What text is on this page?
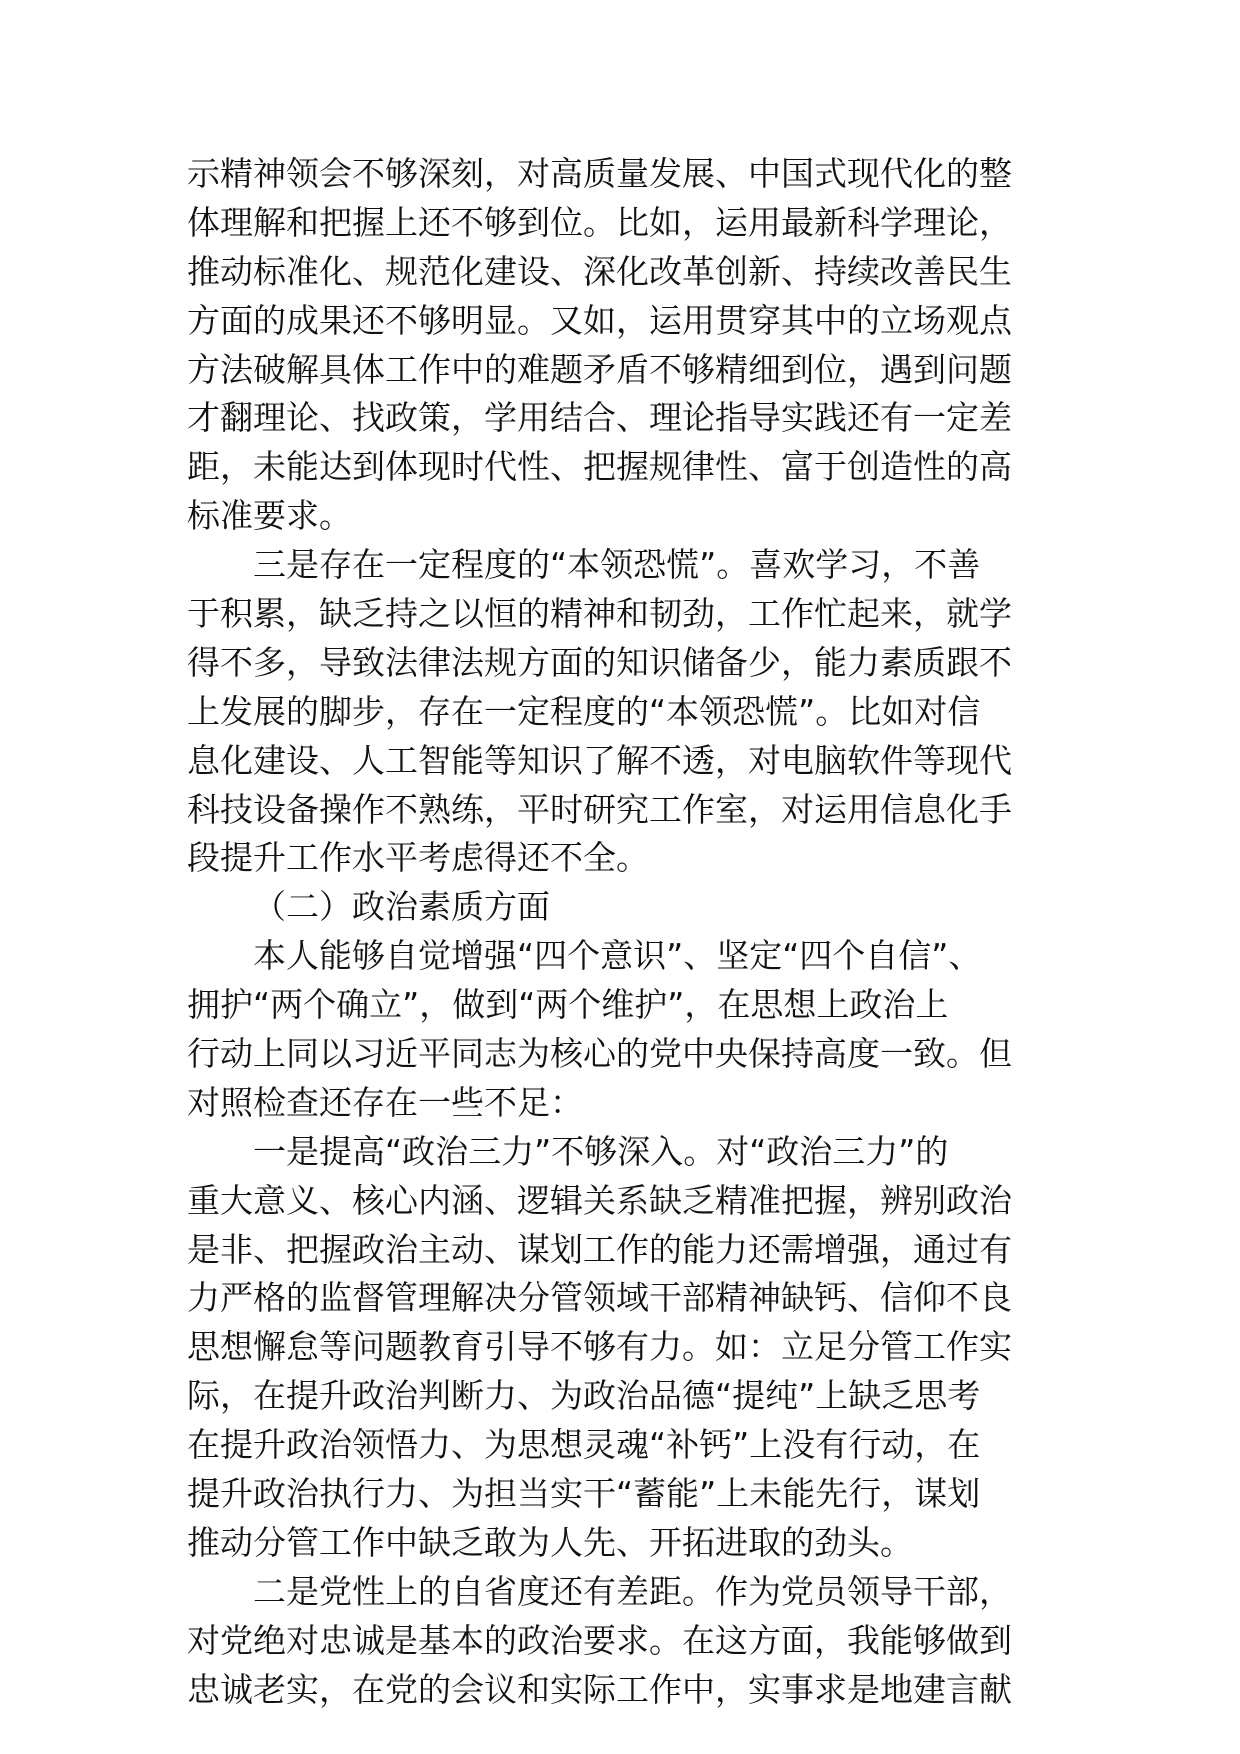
示精神领会不够深刻，对高质量发展、中国式现代化的整
体理解和把握上还不够到位。比如，运用最新科学理论，
推动标准化、规范化建设、深化改革创新、持续改善民生
方面的成果还不够明显。又如，运用贯穿其中的立场观点
方法破解具体工作中的难题矛盾不够精细到位，遇到问题
才翻理论、找政策，学用结合、理论指导实践还有一定差
距，未能达到体现时代性、把握规律性、富于创造性的高
标准要求。
三是存在一定程度的“本领恐慌”。喜欢学习，不善
于积累，缺乏持之以恒的精神和韧劲，工作忙起来，就学
得不多，导致法律法规方面的知识储备少，能力素质跟不
上发展的脚步，存在一定程度的“本领恐慌”。比如对信
息化建设、人工智能等知识了解不透，对电脑软件等现代
科技设备操作不熟练，平时研究工作室，对运用信息化手
段提升工作水平考虑得还不全。
（二）政治素质方面
本人能够自觉增强“四个意识”、坚定“四个自信”、
拥护“两个确立”，做到“两个维护”，在思想上政治上
行动上同以习近平同志为核心的党中央保持高度一致。但
对照检查还存在一些不足：
一是提高“政治三力”不够深入。对“政治三力”的
重大意义、核心内涵、逻辑关系缺乏精准把握，辨别政治
是非、把握政治主动、谋划工作的能力还需增强，通过有
力严格的监督管理解决分管领域干部精神缺钙、信仰不良
思想懈怠等问题教育引导不够有力。如：立足分管工作实
际，在提升政治判断力、为政治品德“提纯”上缺乏思考
在提升政治领悟力、为思想灵魂“补钙”上没有行动，在
提升政治执行力、为担当实干“蓄能”上未能先行，谋划
推动分管工作中缺乏敢为人先、开拓进取的劲头。
二是党性上的自省度还有差距。作为党员领导干部，
对党绝对忠诚是基本的政治要求。在这方面，我能够做到
忠诚老实，在党的会议和实际工作中，实事求是地建言献
